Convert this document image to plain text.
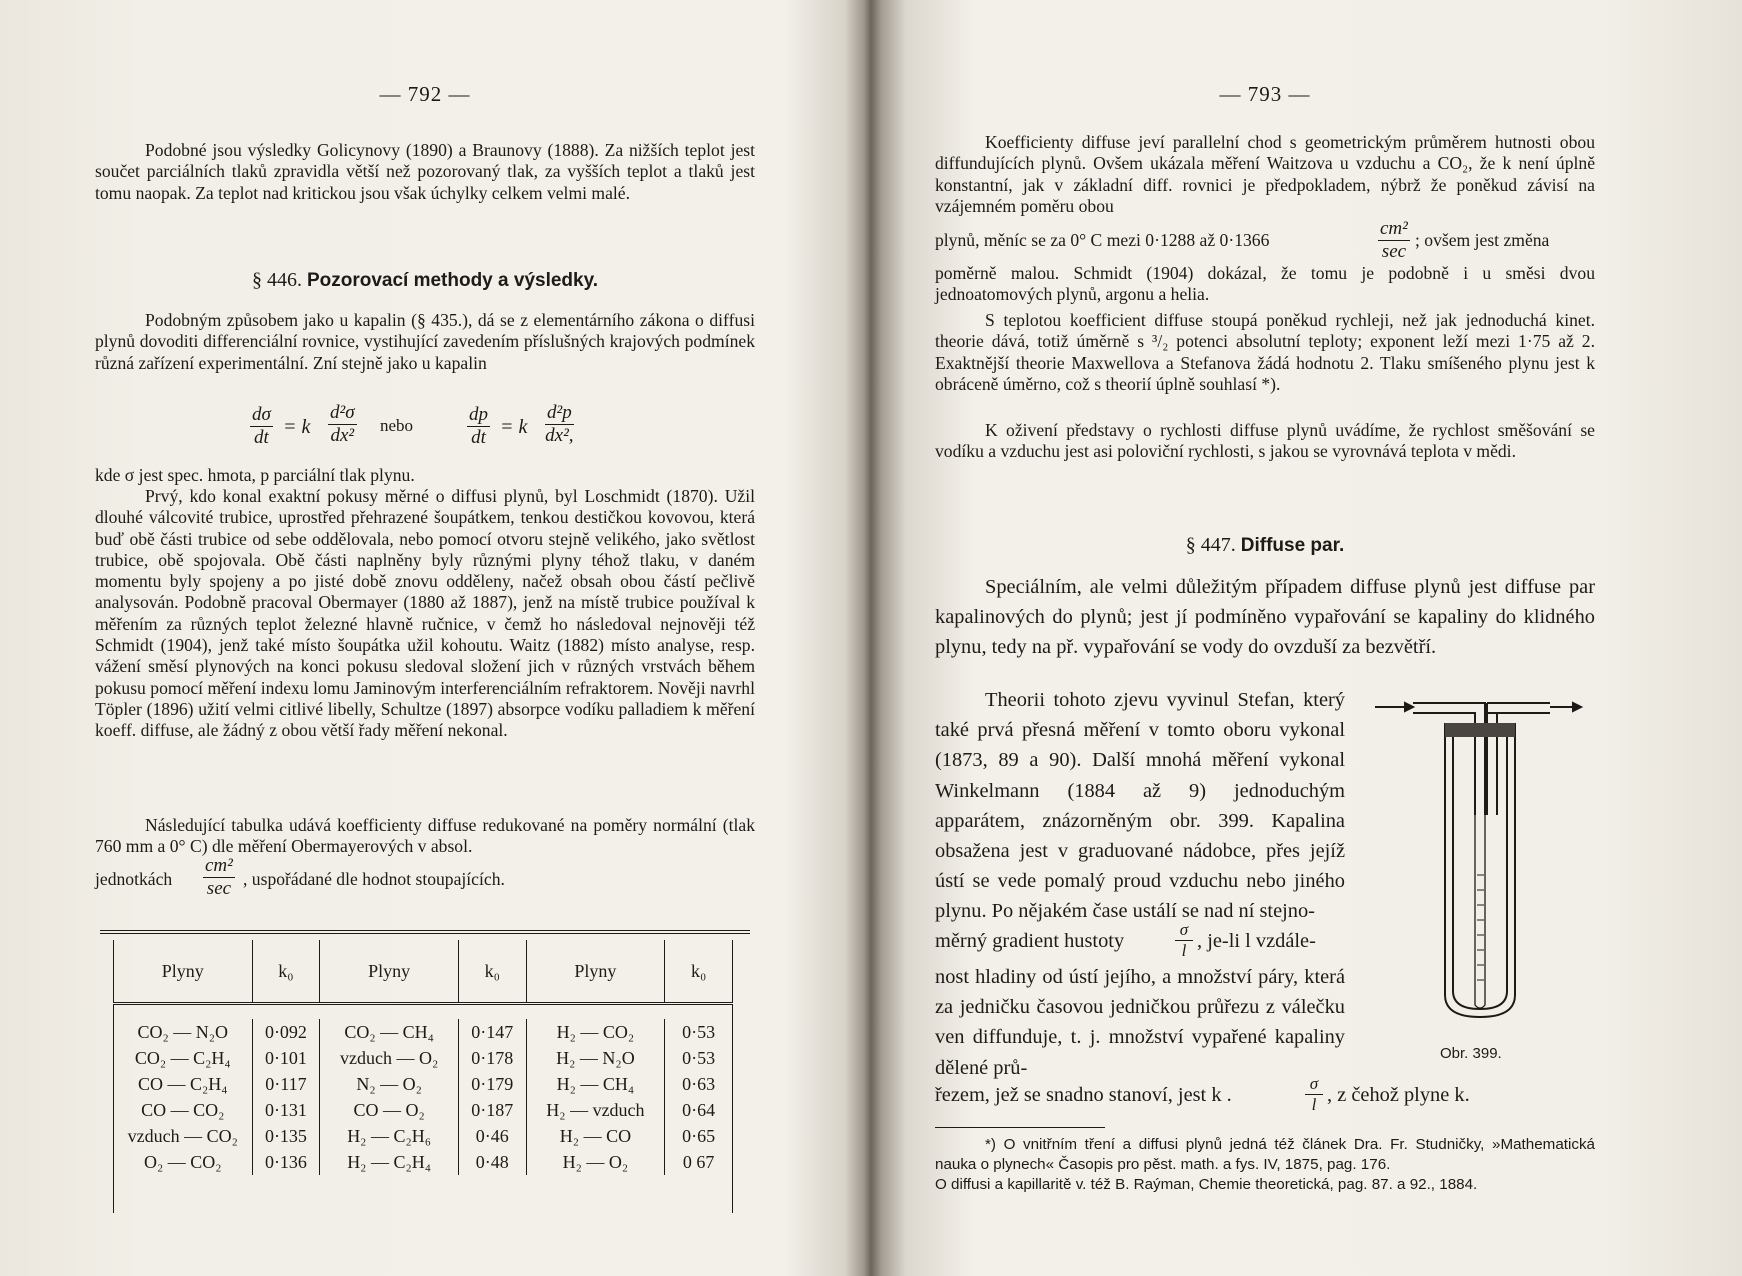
— 792 —

Podobné jsou výsledky Golicynovy (1890) a Braunovy (1888). Za nižších teplot jest součet parciálních tlaků zpravidla větší než pozorovaný tlak, za vyšších teplot a tlaků jest tomu naopak. Za teplot nad kritickou jsou však úchylky celkem velmi malé.

§ 446. Pozorovací methody a výsledky.

Podobným způsobem jako u kapalin (§ 435.), dá se z elementárního zákona o diffusi plynů dovoditi differenciální rovnice, vystihující zavedením příslušných krajových podmínek různá zařízení experimentální. Zní stejně jako u kapalin

$\frac{d\sigma}{dt} = k \frac{\text{d²σ}}{\text{dx²}}$ nebo	$\frac{dp}{dt} = k \frac{\text{d²p}}{\text{dx²,}}$

kde σ jest spec. hmota, p parciální tlak plynu.

Prvý, kdo konal exaktní pokusy měrné o diffusi plynů, byl Loschmidt (1870). Užil dlouhé válcovité trubice, uprostřed přehrazené šoupátkem, tenkou destičkou kovovou, která buď obě části trubice od sebe oddělovala, nebo pomocí otvoru stejně velikého, jako světlost trubice, obě spojovala. Obě části naplněny byly různými plyny téhož tlaku, v daném momentu byly spojeny a po jisté době znovu odděleny, načež obsah obou částí pečlivě analysován. Podobně pracoval Obermayer (1880 až 1887), jenž na místě trubice používal k měřením za různých teplot železné hlavně ručnice, v čemž ho následoval nejnověji též Schmidt (1904), jenž také místo šoupátka užil kohoutu. Waitz (1882) místo analyse, resp. vážení směsí plynových na konci pokusu sledoval složení jich v různých vrstvách během pokusu pomocí měření indexu lomu Jaminovým interferenciálním refraktorem. Nověji navrhl Töpler (1896) užití velmi citlivé libelly, Schultze (1897) absorpce vodíku palladiem k měření koeff. diffuse, ale žádný z obou větší řady měření nekonal.

Následující tabulka udává koefficienty diffuse redukované na poměry normální (tlak 760 mm a 0° C) dle měření Obermayerových v absol.

jednotkách
cm²
sec , uspořádané dle hodnot stoupajících.
Plyny	k₀	Plyny	k₀	Plyny	k₀

CO₂ — N₂O	0·092	CO₂ — CH₄	0·147	H₂ — CO₂	0·53
CO₂ — C₂H₄	0·101	vzduch — O₂	0·178	H₂ — N₂O	0·53
CO — C₂H₄	0·117	N₂ — O₂	0·179	H₂ — CH₄	0·63
CO — CO₂	0·131	CO — O₂	0·187	H₂ — vzduch	0·64
vzduch — CO₂	0·135	H₂ — C₂H₆	0·46	H₂ — CO	0·65
O₂ — CO₂	0·136	H₂ — C₂H₄	0·48	H₂ — O₂	0 67

— 793 —

Koefficienty diffuse jeví parallelní chod s geometrickým průměrem hutnosti obou diffundujících plynů. Ovšem ukázala měření Waitzova u vzduchu a CO₂, že k není úplně konstantní, jak v základní diff. rovnici je předpokladem, nýbrž že poněkud závisí na vzájemném poměru obou

plynů, měníc se za 0° C mezi 0·1288 až 0·1366
cm²
sec
; ovšem jest změna

poměrně malou. Schmidt (1904) dokázal, že tomu je podobně i u směsi dvou jednoatomových plynů, argonu a helia.

S teplotou koefficient diffuse stoupá poněkud rychleji, než jak jednoduchá kinet. theorie dává, totiž úměrně s ³/₂ potenci absolutní teploty; exponent leží mezi 1·75 až 2. Exaktnější theorie Maxwellova a Stefanova žádá hodnotu 2. Tlaku smíšeného plynu jest k obráceně úměrno, což s theorií úplně souhlasí *).

K oživení představy o rychlosti diffuse plynů uvádíme, že rychlost směšování se vodíku a vzduchu jest asi poloviční rychlosti, s jakou se vyrovnává teplota v mědi.

§ 447. Diffuse par.

Speciálním, ale velmi důležitým případem diffuse plynů jest diffuse par kapalinových do plynů; jest jí podmíněno vypařování se kapaliny do klidného plynu, tedy na př. vypařování se vody do ovzduší za bezvětří.

Theorii tohoto zjevu vyvinul Stefan, který také prvá přesná měření v tomto oboru vykonal (1873, 89 a 90). Další mnohá měření vykonal Winkelmann (1884 až 9) jednoduchým apparátem, znázorněným obr. 399. Kapalina obsažena jest v graduované nádobce, přes jejíž ústí se vede pomalý proud vzduchu nebo jiného plynu. Po nějakém čase ustálí se nad ní stejno-

měrný gradient hustoty	$\frac{\sigma}{l}$ , je-li l vzdále-

nost hladiny od ústí jejího, a množství páry, která za jedničku časovou jedničkou průřezu z válečku ven diffunduje, t. j. množství vypařené kapaliny dělené prů-

řezem, jež se snadno stanoví, jest k .	$\frac{\sigma}{l}$ , z čehož plyne k.
Obr. 399.

*) O vnitřním tření a diffusi plynů jedná též článek Dra. Fr. Studničky, »Mathematická nauka o plynech« Časopis pro pěst. math. a fys. IV, 1875, pag. 176.

O diffusi a kapillaritě v. též B. Raýman, Chemie theoretická, pag. 87. a 92., 1884.
